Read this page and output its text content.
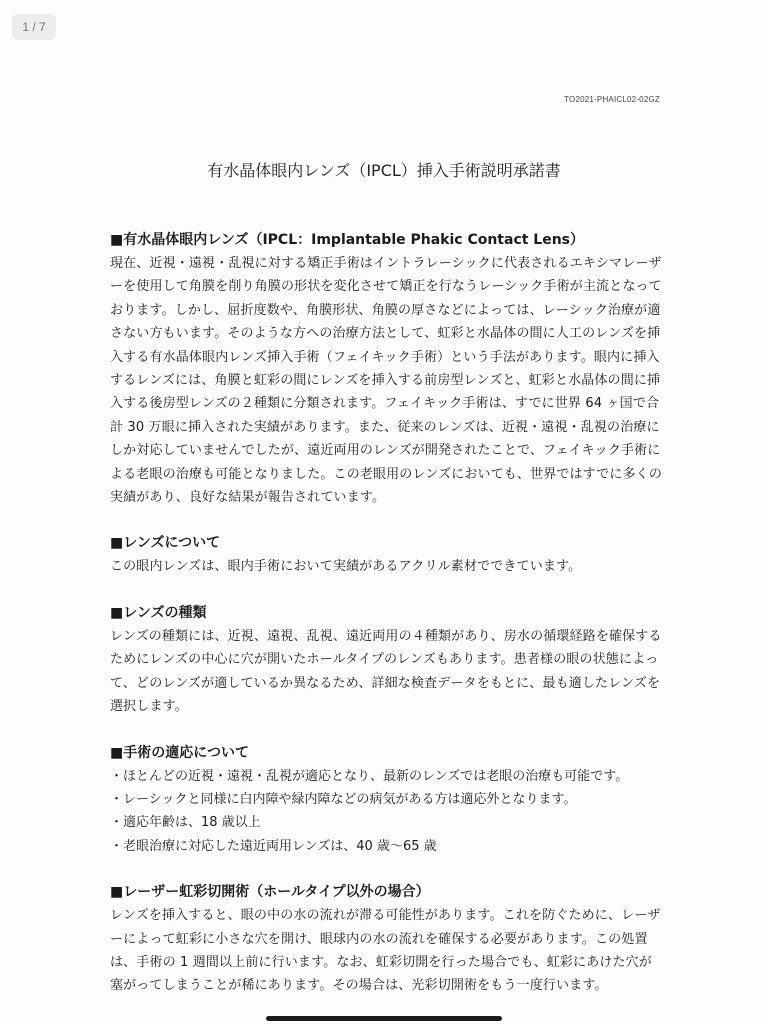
1 / 7
TO2021-PHAICL02-02GZ
有水晶体眼内レンズ（IPCL）挿入手術説明承諾書

■有水晶体眼内レンズ（IPCL：Implantable Phakic Contact Lens）

現在、近視・遠視・乱視に対する矯正手術はイントラレーシックに代表されるエキシマレーザーを使用して角膜を削り角膜の形状を変化させて矯正を行なうレーシック手術が主流となっております。しかし、屈折度数や、角膜形状、角膜の厚さなどによっては、レーシック治療が適さない方もいます。そのような方への治療方法として、虹彩と水晶体の間に人工のレンズを挿入する有水晶体眼内レンズ挿入手術（フェイキック手術）という手法があります。眼内に挿入するレンズには、角膜と虹彩の間にレンズを挿入する前房型レンズと、虹彩と水晶体の間に挿入する後房型レンズの２種類に分類されます。フェイキック手術は、すでに世界 64 ヶ国で合計 30 万眼に挿入された実績があります。また、従来のレンズは、近視・遠視・乱視の治療にしか対応していませんでしたが、遠近両用のレンズが開発されたことで、フェイキック手術による老眼の治療も可能となりました。この老眼用のレンズにおいても、世界ではすでに多くの実績があり、良好な結果が報告されています。

■レンズについて

この眼内レンズは、眼内手術において実績があるアクリル素材でできています。

■レンズの種類

レンズの種類には、近視、遠視、乱視、遠近両用の４種類があり、房水の循環経路を確保するためにレンズの中心に穴が開いたホールタイプのレンズもあります。患者様の眼の状態によって、どのレンズが適しているか異なるため、詳細な検査データをもとに、最も適したレンズを選択します。

■手術の適応について

・ほとんどの近視・遠視・乱視が適応となり、最新のレンズでは老眼の治療も可能です。
・レーシックと同様に白内障や緑内障などの病気がある方は適応外となります。
・適応年齢は、18 歳以上
・老眼治療に対応した遠近両用レンズは、40 歳〜65 歳

■レーザー虹彩切開術（ホールタイプ以外の場合）

レンズを挿入すると、眼の中の水の流れが滞る可能性があります。これを防ぐために、レーザーによって虹彩に小さな穴を開け、眼球内の水の流れを確保する必要があります。この処置は、手術の 1 週間以上前に行います。なお、虹彩切開を行った場合でも、虹彩にあけた穴が塞がってしまうことが稀にあります。その場合は、光彩切開術をもう一度行います。
